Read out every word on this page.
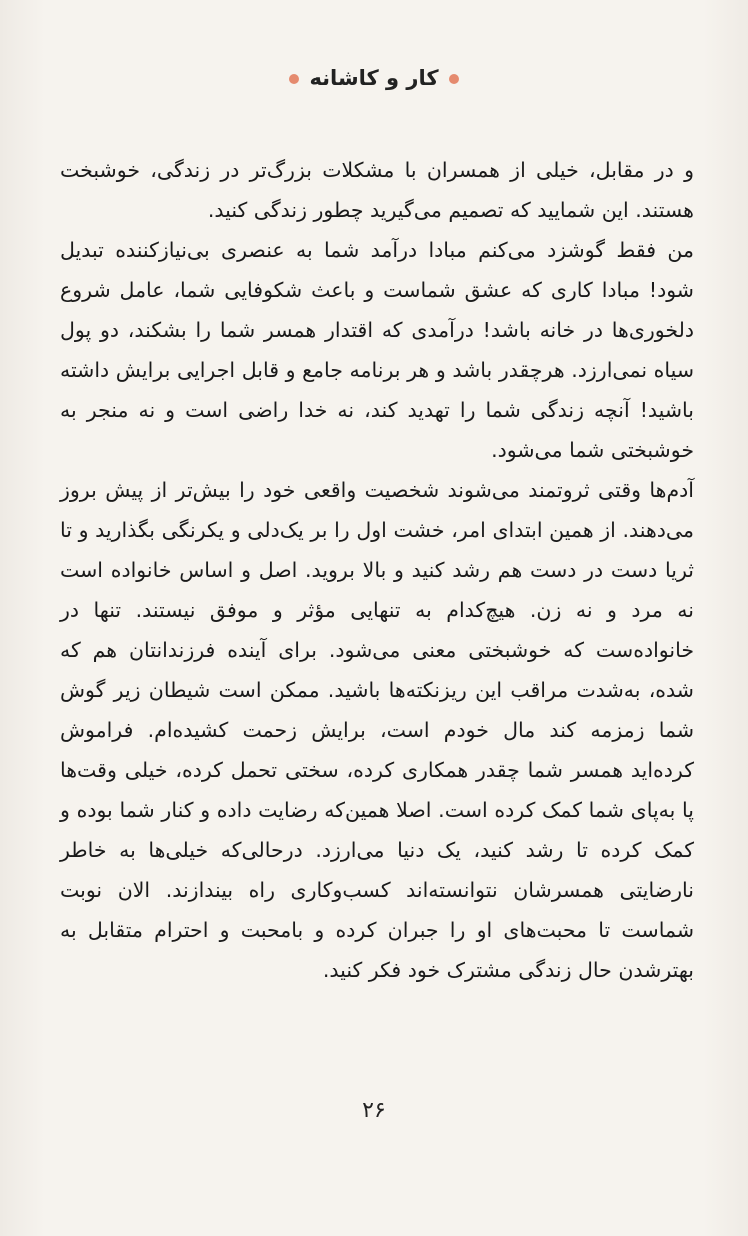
کار و کاشانه

و در مقابل، خیلی از همسران با مشکلات بزرگ‌تر در زندگی، خوشبخت هستند. این شمایید که تصمیم می‌گیرید چطور زندگی کنید.

من فقط گوشزد می‌کنم مبادا درآمد شما به عنصری بی‌نیازکننده تبدیل شود! مبادا کاری که عشق شماست و باعث شکوفایی شما، عامل شروع دلخوری‌ها در خانه باشد! درآمدی که اقتدار همسر شما را بشکند، دو پول سیاه نمی‌ارزد. هرچقدر باشد و هر برنامه جامع و قابل اجرایی برایش داشته باشید! آنچه زندگی شما را تهدید کند، نه خدا راضی است و نه منجر به خوشبختی شما می‌شود.

آدم‌ها وقتی ثروتمند می‌شوند شخصیت واقعی خود را بیش‌تر از پیش بروز می‌دهند. از همین ابتدای امر، خشت اول را بر یک‌دلی و یکرنگی بگذارید و تا ثریا دست در دست هم رشد کنید و بالا بروید. اصل و اساس خانواده است نه مرد و نه زن. هیچ‌کدام به تنهایی مؤثر و موفق نیستند. تنها در خانواده‌ست که خوشبختی معنی می‌شود. برای آینده فرزندانتان هم که شده، به‌شدت مراقب این ریزنکته‌ها باشید. ممکن است شیطان زیر گوش شما زمزمه کند مال خودم است، برایش زحمت کشیده‌ام. فراموش کرده‌اید همسر شما چقدر همکاری کرده، سختی تحمل کرده، خیلی وقت‌ها پا به‌پای شما کمک کرده است. اصلا همین‌که رضایت داده و کنار شما بوده و کمک کرده تا رشد کنید، یک دنیا می‌ارزد. درحالی‌که خیلی‌ها به خاطر نارضایتی همسرشان نتوانسته‌اند کسب‌وکاری راه بیندازند. الان نوبت شماست تا محبت‌های او را جبران کرده و بامحبت و احترام متقابل به بهترشدن حال زندگی مشترک خود فکر کنید.

۲۶
